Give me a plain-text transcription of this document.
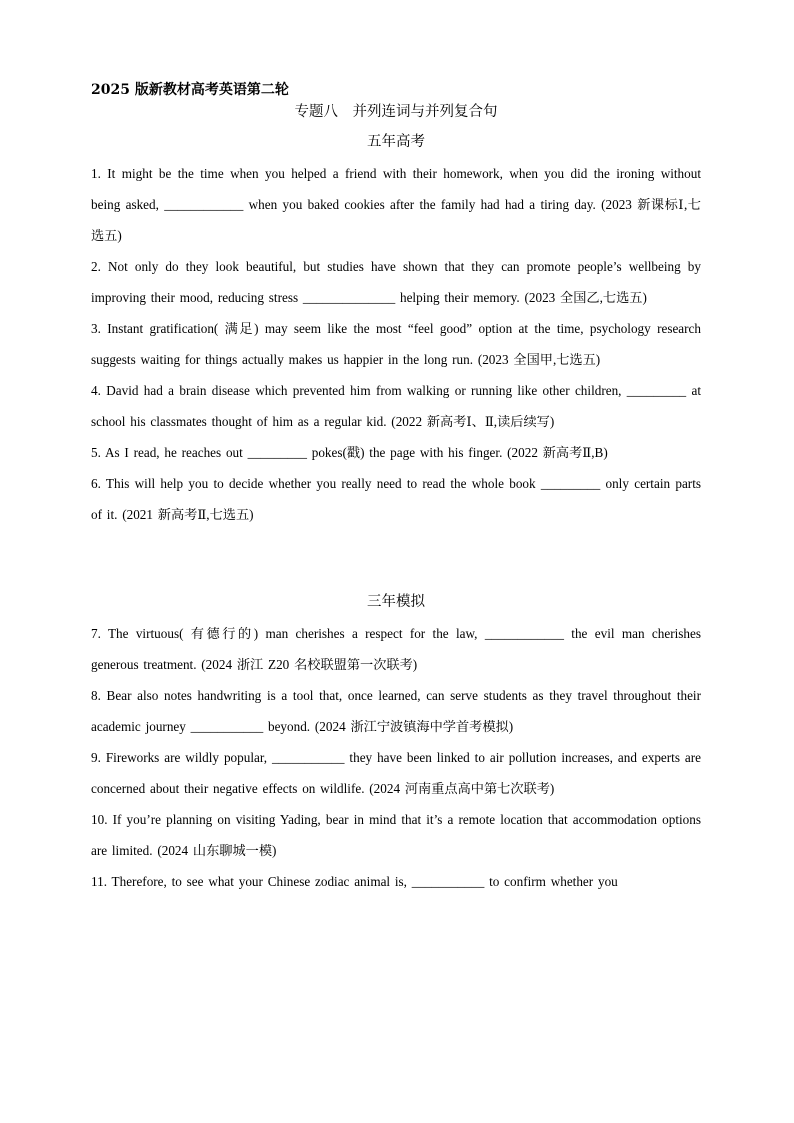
2025 版新教材高考英语第二轮

专题八　并列连词与并列复合句

五年高考

1. It might be the time when you helped a friend with their homework, when you did the ironing without being asked, ____________ when you baked cookies after the family had had a tiring day. (2023 新课标Ⅰ,七选五)

2. Not only do they look beautiful, but studies have shown that they can promote people’s wellbeing by improving their mood, reducing stress ______________ helping their memory. (2023 全国乙,七选五)

3. Instant gratification( 满足) may seem like the most “feel good” option at the time, psychology research suggests waiting for things actually makes us happier in the long run. (2023 全国甲,七选五)

4. David had a brain disease which prevented him from walking or running like other children, _________ at school his classmates thought of him as a regular kid. (2022 新高考Ⅰ、Ⅱ,读后续写)

5. As I read, he reaches out _________ pokes(戳) the page with his finger. (2022 新高考Ⅱ,B)

6. This will help you to decide whether you really need to read the whole book _________ only certain parts of it. (2021 新高考Ⅱ,七选五)

三年模拟

7. The virtuous( 有德行的) man cherishes a respect for the law, ____________ the evil man cherishes generous treatment. (2024 浙江 Z20 名校联盟第一次联考)

8. Bear also notes handwriting is a tool that, once learned, can serve students as they travel throughout their academic journey ___________ beyond. (2024 浙江宁波镇海中学首考模拟)

9. Fireworks are wildly popular, ___________ they have been linked to air pollution increases, and experts are concerned about their negative effects on wildlife. (2024 河南重点高中第七次联考)

10. If you’re planning on visiting Yading, bear in mind that it’s a remote location that accommodation options are limited. (2024 山东聊城一模)

11. Therefore, to see what your Chinese zodiac animal is, ___________ to confirm whether you
